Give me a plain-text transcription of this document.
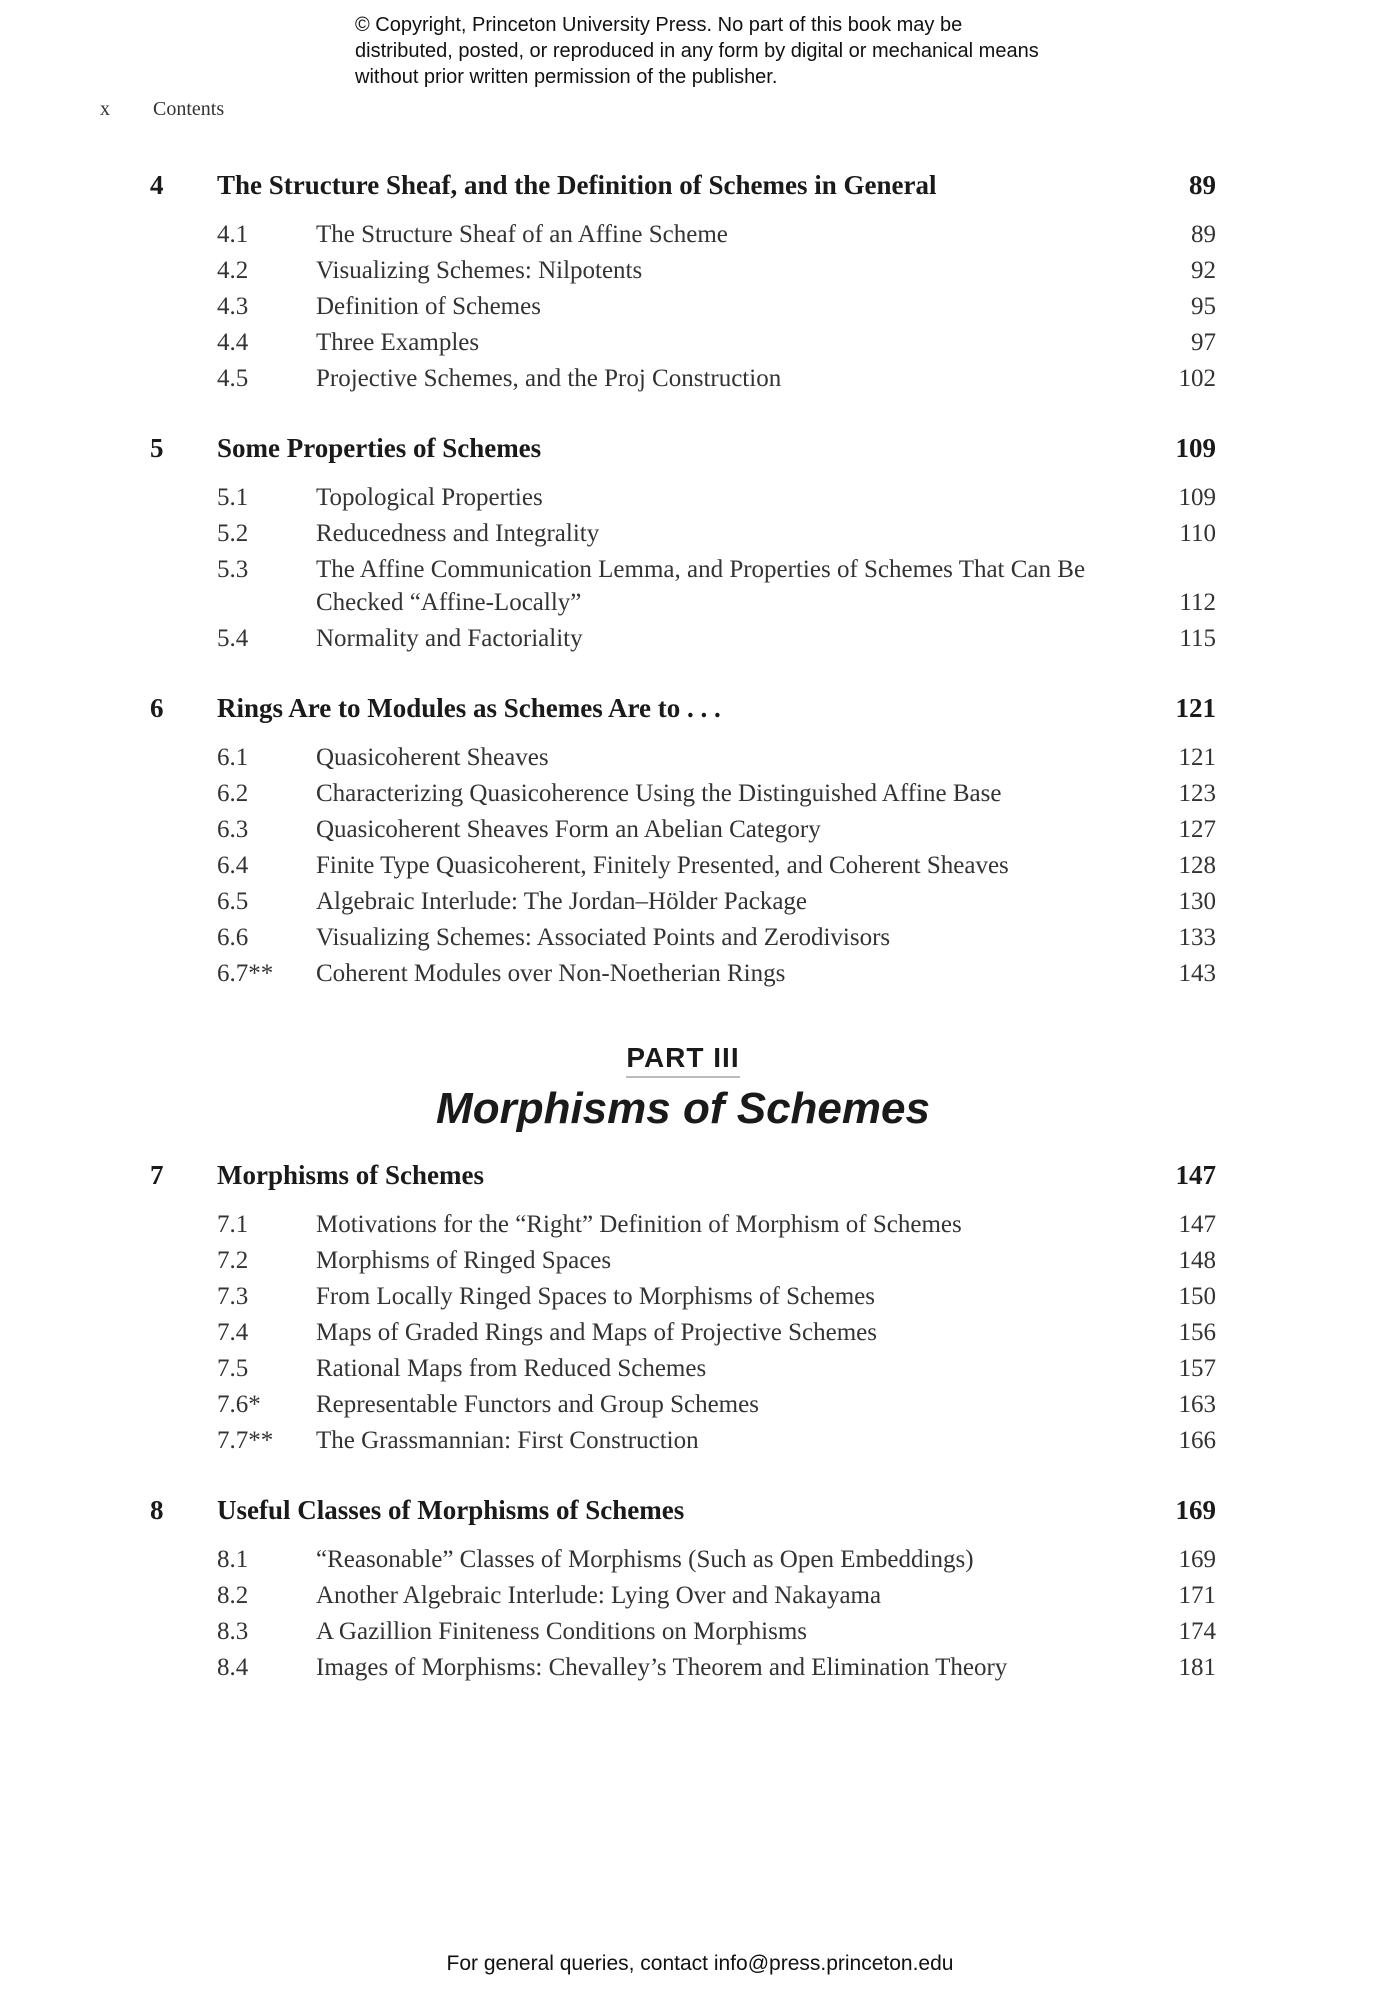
© Copyright, Princeton University Press. No part of this book may be distributed, posted, or reproduced in any form by digital or mechanical means without prior written permission of the publisher.
x Contents
4	The Structure Sheaf, and the Definition of Schemes in General	89
4.1	The Structure Sheaf of an Affine Scheme	89
4.2	Visualizing Schemes: Nilpotents	92
4.3	Definition of Schemes	95
4.4	Three Examples	97
4.5	Projective Schemes, and the Proj Construction	102
5	Some Properties of Schemes	109
5.1	Topological Properties	109
5.2	Reducedness and Integrality	110
5.3	The Affine Communication Lemma, and Properties of Schemes That Can Be Checked “Affine-Locally”	112
5.4	Normality and Factoriality	115
6	Rings Are to Modules as Schemes Are to . . .	121
6.1	Quasicoherent Sheaves	121
6.2	Characterizing Quasicoherence Using the Distinguished Affine Base	123
6.3	Quasicoherent Sheaves Form an Abelian Category	127
6.4	Finite Type Quasicoherent, Finitely Presented, and Coherent Sheaves	128
6.5	Algebraic Interlude: The Jordan–Hölder Package	130
6.6	Visualizing Schemes: Associated Points and Zerodivisors	133
6.7**	Coherent Modules over Non-Noetherian Rings	143
PART III
Morphisms of Schemes
7	Morphisms of Schemes	147
7.1	Motivations for the “Right” Definition of Morphism of Schemes	147
7.2	Morphisms of Ringed Spaces	148
7.3	From Locally Ringed Spaces to Morphisms of Schemes	150
7.4	Maps of Graded Rings and Maps of Projective Schemes	156
7.5	Rational Maps from Reduced Schemes	157
7.6*	Representable Functors and Group Schemes	163
7.7**	The Grassmannian: First Construction	166
8	Useful Classes of Morphisms of Schemes	169
8.1	“Reasonable” Classes of Morphisms (Such as Open Embeddings)	169
8.2	Another Algebraic Interlude: Lying Over and Nakayama	171
8.3	A Gazillion Finiteness Conditions on Morphisms	174
8.4	Images of Morphisms: Chevalley’s Theorem and Elimination Theory	181
For general queries, contact info@press.princeton.edu
